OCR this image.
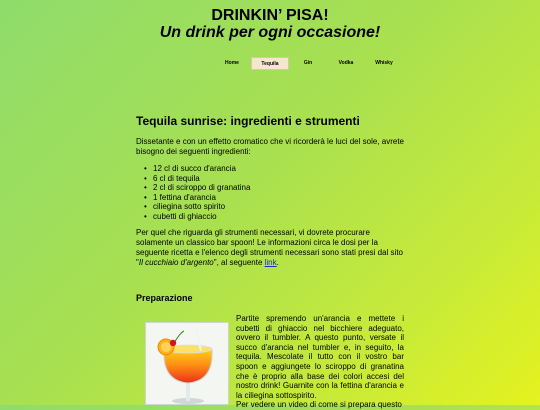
DRINKIN’ PISA!
Un drink per ogni occasione!
Home	Tequila	Gin	Vodka	Whisky
Tequila sunrise: ingredienti e strumenti

Dissetante e con un effetto cromatico che vi ricorderà le luci del sole, avrete bisogno dei seguenti ingredienti:

• 12 cl di succo d'arancia
• 6 cl di tequila
• 2 cl di sciroppo di granatina
• 1 fettina d'arancia
• ciliegina sotto spirito
• cubetti di ghiaccio

Per quel che riguarda gli strumenti necessari, vi dovrete procurare solamente un classico bar spoon! Le informazioni circa le dosi per la seguente ricetta e l'elenco degli strumenti necessari sono stati presi dal sito "Il cucchiaio d'argento", al seguente link.

Preparazione

Partite spremendo un'arancia e mettete i cubetti di ghiaccio nel bicchiere adeguato, ovvero il tumbler. A questo punto, versate il succo d'arancia nel tumbler e, in seguito, la tequila. Mescolate il tutto con il vostro bar spoon e aggiungete lo sciroppo di granatina che è proprio alla base dei colori accesi del nostro drink! Guarnite con la fettina d'arancia e la ciliegina sottospirito.
Per vedere un video di come si prepara questo
